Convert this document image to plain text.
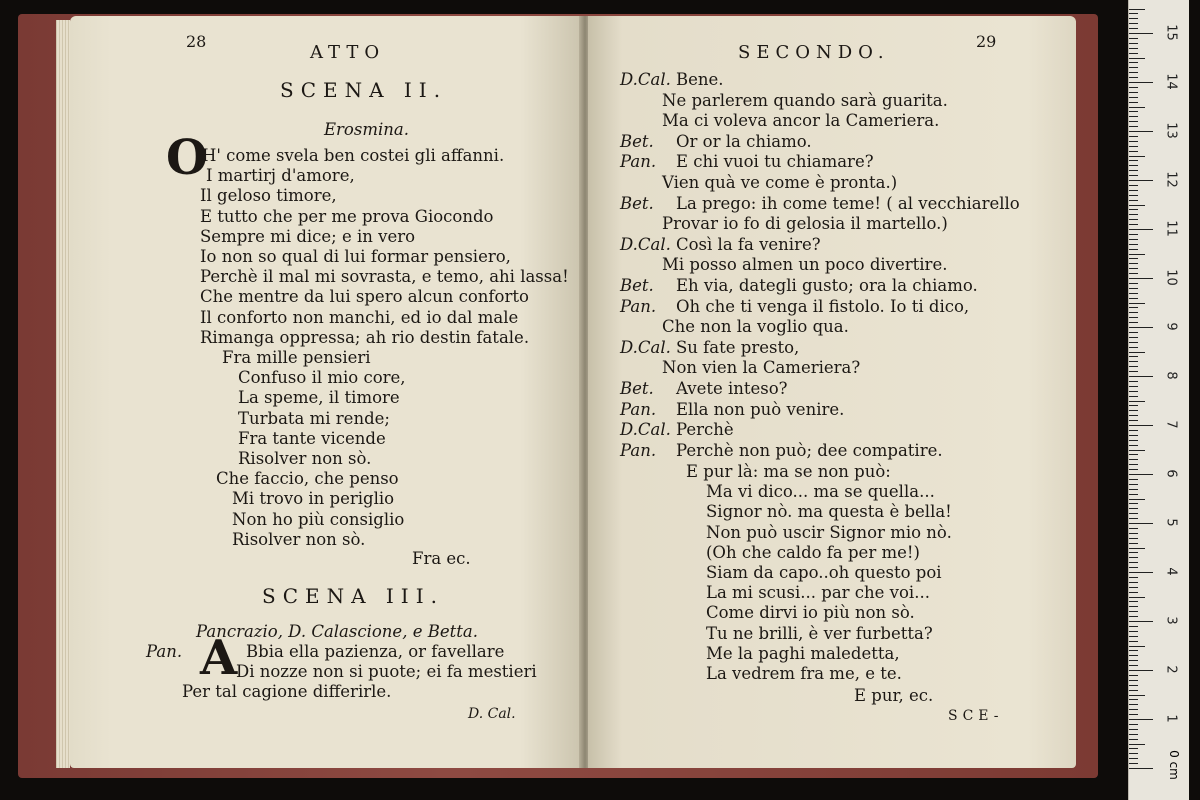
28
ATTO
SCENA II.
Erosmina.
O
H' come svela ben costei gli affanni.
I martirj d'amore,
Il geloso timore,
E tutto che per me prova Giocondo
Sempre mi dice; e in vero
Io non so qual di lui formar pensiero,
Perchè il mal mi sovrasta, e temo, ahi lassa!
Che mentre da lui spero alcun conforto
Il conforto non manchi, ed io dal male
Rimanga oppressa; ah rio destin fatale.
Fra mille pensieri
Confuso il mio core,
La speme, il timore
Turbata mi rende;
Fra tante vicende
Risolver non sò.
Che faccio, che penso
Mi trovo in periglio
Non ho più consiglio
Risolver non sò.
Fra ec.
SCENA III.
Pancrazio, D. Calascione, e Betta.
Pan. A Bbia ella pazienza, or favellare
Di nozze non si puote; ei fa mestieri
Per tal cagione differirle.
D. Cal.
SECONDO.
29
D.Cal. Bene.
Ne parlerem quando sarà guarita.
Ma ci voleva ancor la Cameriera.
Bet. Or or la chiamo.
Pan. E chi vuoi tu chiamare?
Vien quà ve come è pronta.)
Bet. La prego: ih come teme! ( al vecchiarello
Provar io fo di gelosia il martello.)
D.Cal. Così la fa venire?
Mi posso almen un poco divertire.
Bet. Eh via, dategli gusto; ora la chiamo.
Pan. Oh che ti venga il fistolo. Io ti dico,
Che non la voglio qua.
D.Cal. Su fate presto,
Non vien la Cameriera?
Bet. Avete inteso?
Pan. Ella non può venire.
D.Cal. Perchè
Pan. Perchè non può; dee compatire.
E pur là: ma se non può:
Ma vi dico... ma se quella...
Signor nò. ma questa è bella!
Non può uscir Signor mio nò.
(Oh che caldo fa per me!)
Siam da capo..oh questo poi
La mi scusi... par che voi...
Come dirvi io più non sò.
Tu ne brilli, è ver furbetta?
Me la paghi maledetta,
La vedrem fra me, e te.
E pur, ec.
SCE-
0 cm
15
14
13
12
11
10
9
8
7
6
5
4
3
2
1
